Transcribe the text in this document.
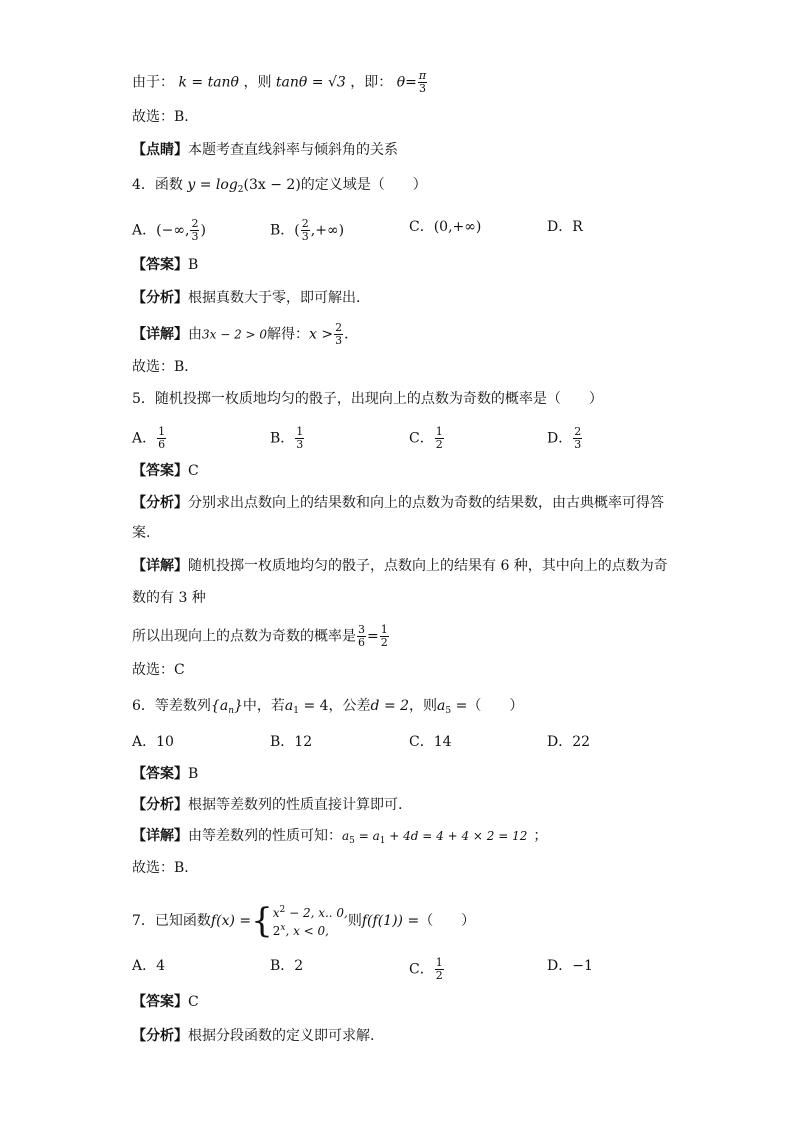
由于： k = tanθ ，则 tanθ = √3 ，即： $\theta= \frac{\pi}{3}$
故选：B.
【点睛】本题考查直线斜率与倾斜角的关系
4．函数 $y = \log_2(3x - 2)$的定义域是（　　）
A．(−∞, $\frac{2}{3}$ )	B．( $\frac{2}{3}$ ,+∞)	C．(0,+∞)	D．R
【答案】B
【分析】根据真数大于零，即可解出．
【详解】由3x − 2 > 0解得：$x > \frac{2}{3}$ ．
故选：B．
5．随机投掷一枚质地均匀的骰子，出现向上的点数为奇数的概率是（　　）
A． $\frac{1}{6}$	B． $\frac{1}{3}$	C． $\frac{1}{2}$	D． $\frac{2}{3}$
【答案】C
【分析】分别求出点数向上的结果数和向上的点数为奇数的结果数，由古典概率可得答
案.
【详解】随机投掷一枚质地均匀的骰子，点数向上的结果有 6 种，其中向上的点数为奇
数的有 3 种
所以出现向上的点数为奇数的概率是 $\frac{3}{6} = \frac{1}{2}$
故选：C
6．等差数列$\{a_n\}$中，若$a_1 = 4$，公差d = 2，则$a_5$ =（　　）
A．10	B．12	C．14	D．22
【答案】B
【分析】根据等差数列的性质直接计算即可.
【详解】由等差数列的性质可知：$a_5 = a_1 + 4d = 4 + 4 \times 2 = 12$ ；
故选：B.
7．已知函数f(x) ={ $x^2 - 2$, x.. 0,
2$^x$, x < 0,
则f(f(1)) =（　　）
A．4	B．2	C． $\frac{1}{2}$	D．−1
【答案】C
【分析】根据分段函数的定义即可求解.
